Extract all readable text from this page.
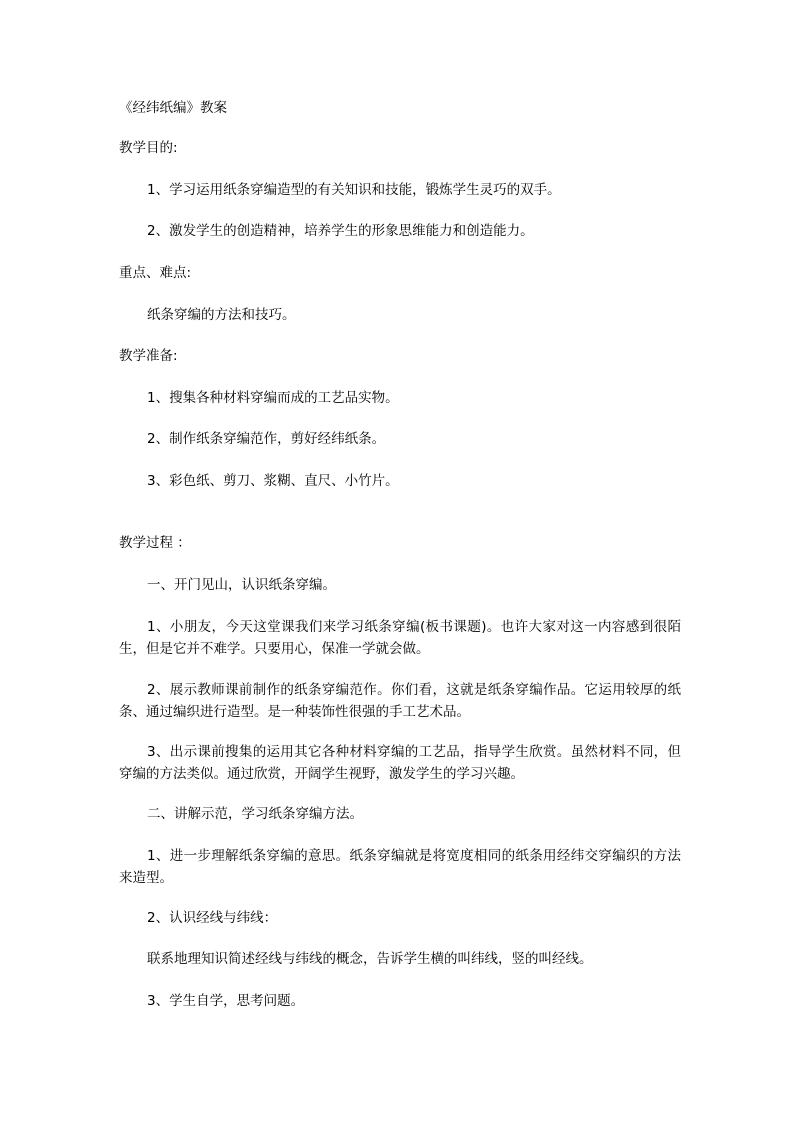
《经纬纸编》教案
教学目的:
1、学习运用纸条穿编造型的有关知识和技能，锻炼学生灵巧的双手。
2、激发学生的创造精神，培养学生的形象思维能力和创造能力。
重点、难点:
纸条穿编的方法和技巧。
教学准备:
1、搜集各种材料穿编而成的工艺品实物。
2、制作纸条穿编范作，剪好经纬纸条。
3、彩色纸、剪刀、浆糊、直尺、小竹片。
教学过程 ：
一、开门见山，认识纸条穿编。
1、小朋友，今天这堂课我们来学习纸条穿编(板书课题)。也许大家对这一内容感到很陌生，但是它并不难学。只要用心，保准一学就会做。
2、展示教师课前制作的纸条穿编范作。你们看，这就是纸条穿编作品。它运用较厚的纸条、通过编织进行造型。是一种装饰性很强的手工艺术品。
3、出示课前搜集的运用其它各种材料穿编的工艺品，指导学生欣赏。虽然材料不同，但穿编的方法类似。通过欣赏，开阔学生视野，激发学生的学习兴趣。
二、讲解示范，学习纸条穿编方法。
1、进一步理解纸条穿编的意思。纸条穿编就是将宽度相同的纸条用经纬交穿编织的方法来造型。
2、认识经线与纬线：
联系地理知识简述经线与纬线的概念，告诉学生横的叫纬线，竖的叫经线。
3、学生自学，思考问题。
